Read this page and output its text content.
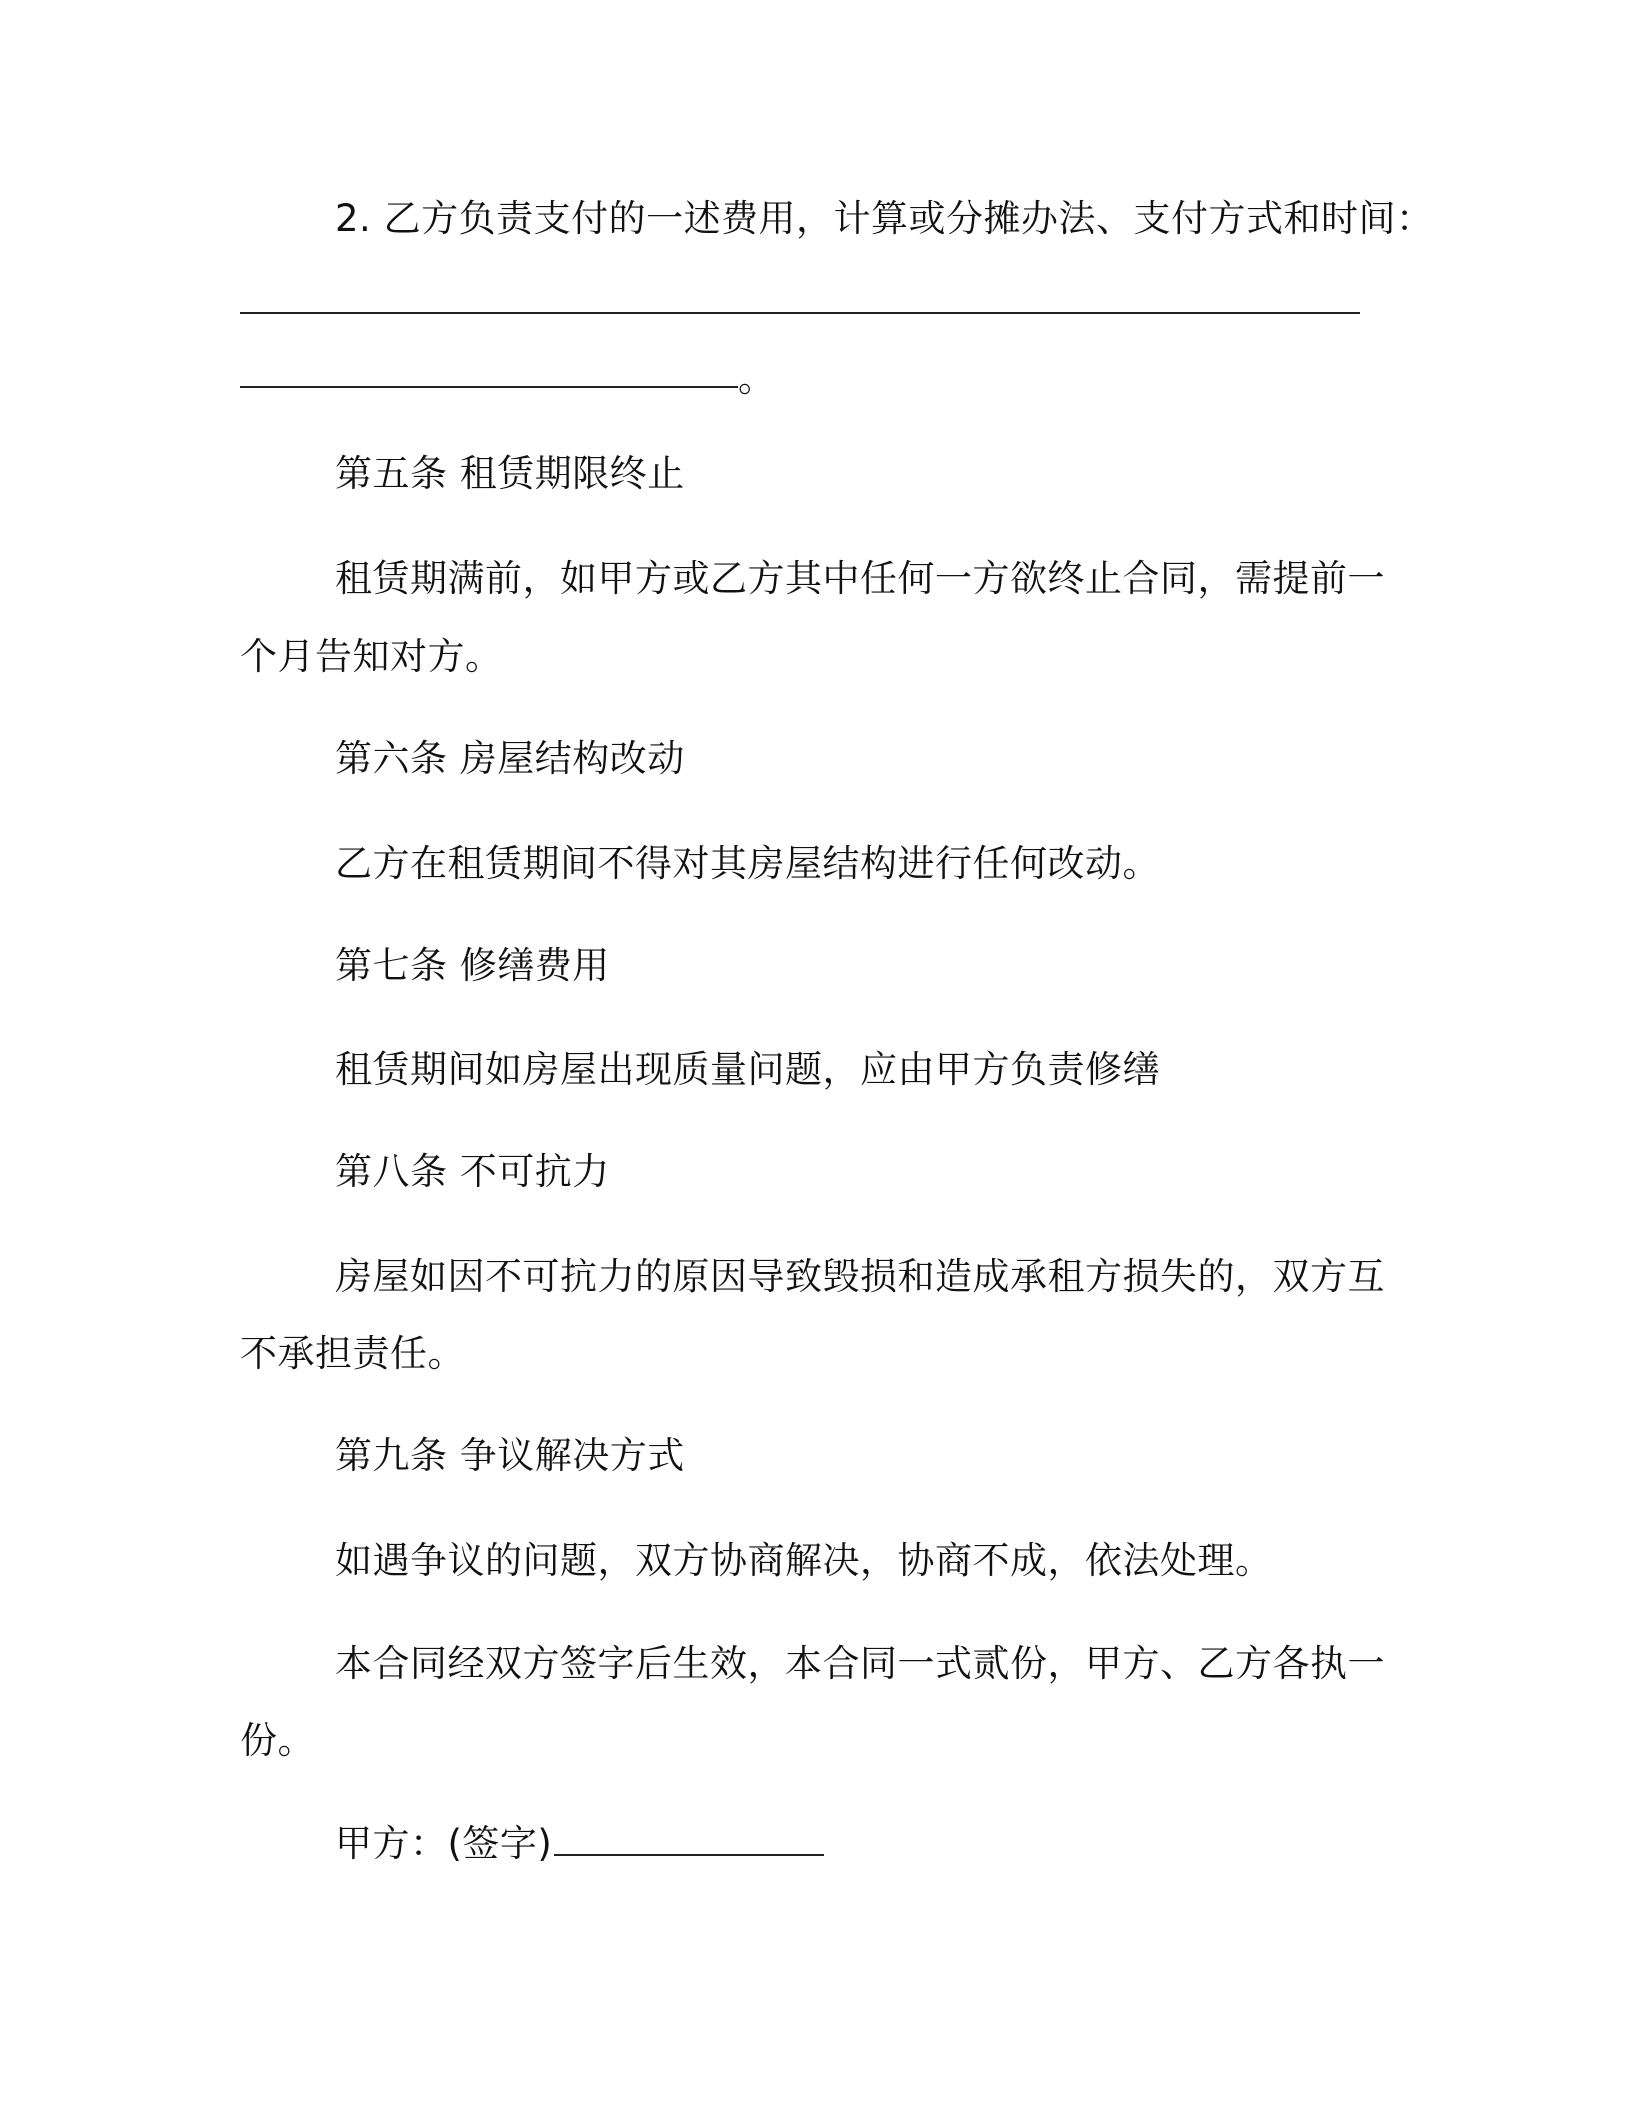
2. 乙方负责支付的一述费用，计算或分摊办法、支付方式和时间：
。
第五条 租赁期限终止
租赁期满前，如甲方或乙方其中任何一方欲终止合同，需提前一
个月告知对方。
第六条 房屋结构改动
乙方在租赁期间不得对其房屋结构进行任何改动。
第七条 修缮费用
租赁期间如房屋出现质量问题，应由甲方负责修缮
第八条 不可抗力
房屋如因不可抗力的原因导致毁损和造成承租方损失的，双方互
不承担责任。
第九条 争议解决方式
如遇争议的问题，双方协商解决，协商不成，依法处理。
本合同经双方签字后生效，本合同一式贰份，甲方、乙方各执一
份。
甲方：(签字)
